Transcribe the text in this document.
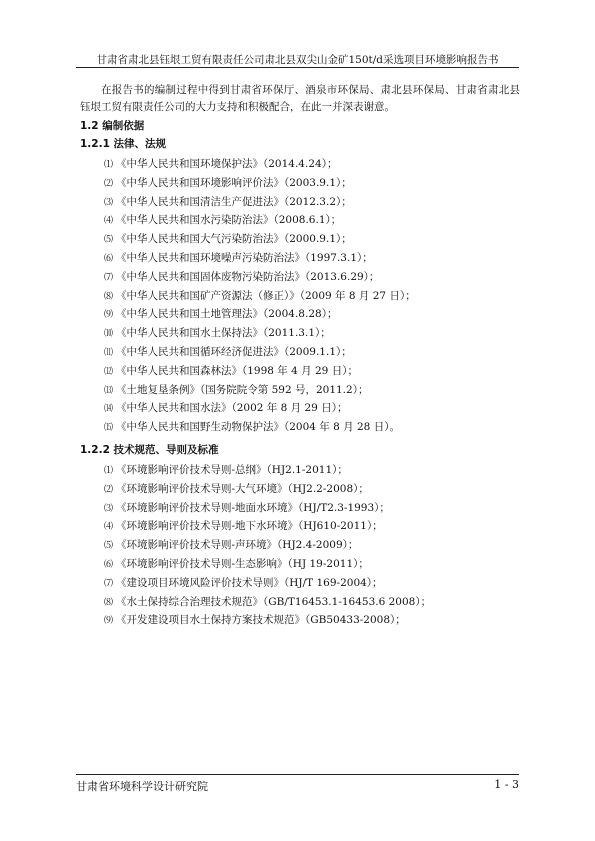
甘肃省肃北县钰垠工贸有限责任公司肃北县双尖山金矿150t/d采选项目环境影响报告书

在报告书的编制过程中得到甘肃省环保厅、酒泉市环保局、肃北县环保局、甘肃省肃北县钰垠工贸有限责任公司的大力支持和积极配合，在此一并深表谢意。

1.2 编制依据
1.2.1 法律、法规
⑴ 《中华人民共和国环境保护法》（2014.4.24）；
⑵ 《中华人民共和国环境影响评价法》（2003.9.1）；
⑶ 《中华人民共和国清洁生产促进法》（2012.3.2）；
⑷ 《中华人民共和国水污染防治法》（2008.6.1）；
⑸ 《中华人民共和国大气污染防治法》（2000.9.1）；
⑹ 《中华人民共和国环境噪声污染防治法》（1997.3.1）；
⑺ 《中华人民共和国固体废物污染防治法》（2013.6.29）；
⑻ 《中华人民共和国矿产资源法（修正）》（2009 年 8 月 27 日）；
⑼ 《中华人民共和国土地管理法》（2004.8.28）；
⑽ 《中华人民共和国水土保持法》（2011.3.1）；
⑾ 《中华人民共和国循环经济促进法》（2009.1.1）；
⑿ 《中华人民共和国森林法》（1998 年 4 月 29 日）；
⒀ 《土地复垦条例》（国务院院令第 592 号，2011.2）；
⒁ 《中华人民共和国水法》（2002 年 8 月 29 日）；
⒂ 《中华人民共和国野生动物保护法》（2004 年 8 月 28 日）。
1.2.2 技术规范、导则及标准
⑴ 《环境影响评价技术导则-总纲》（HJ2.1-2011）；
⑵ 《环境影响评价技术导则-大气环境》（HJ2.2-2008）；
⑶ 《环境影响评价技术导则-地面水环境》（HJ/T2.3-1993）；
⑷ 《环境影响评价技术导则-地下水环境》（HJ610-2011）；
⑸ 《环境影响评价技术导则-声环境》（HJ2.4-2009）；
⑹ 《环境影响评价技术导则-生态影响》（HJ 19-2011）；
⑺ 《建设项目环境风险评价技术导则》（HJ/T 169-2004）；
⑻ 《水土保持综合治理技术规范》（GB/T16453.1-16453.6 2008）；
⑼ 《开发建设项目水土保持方案技术规范》（GB50433-2008）；
甘肃省环境科学设计研究院	1 - 3
